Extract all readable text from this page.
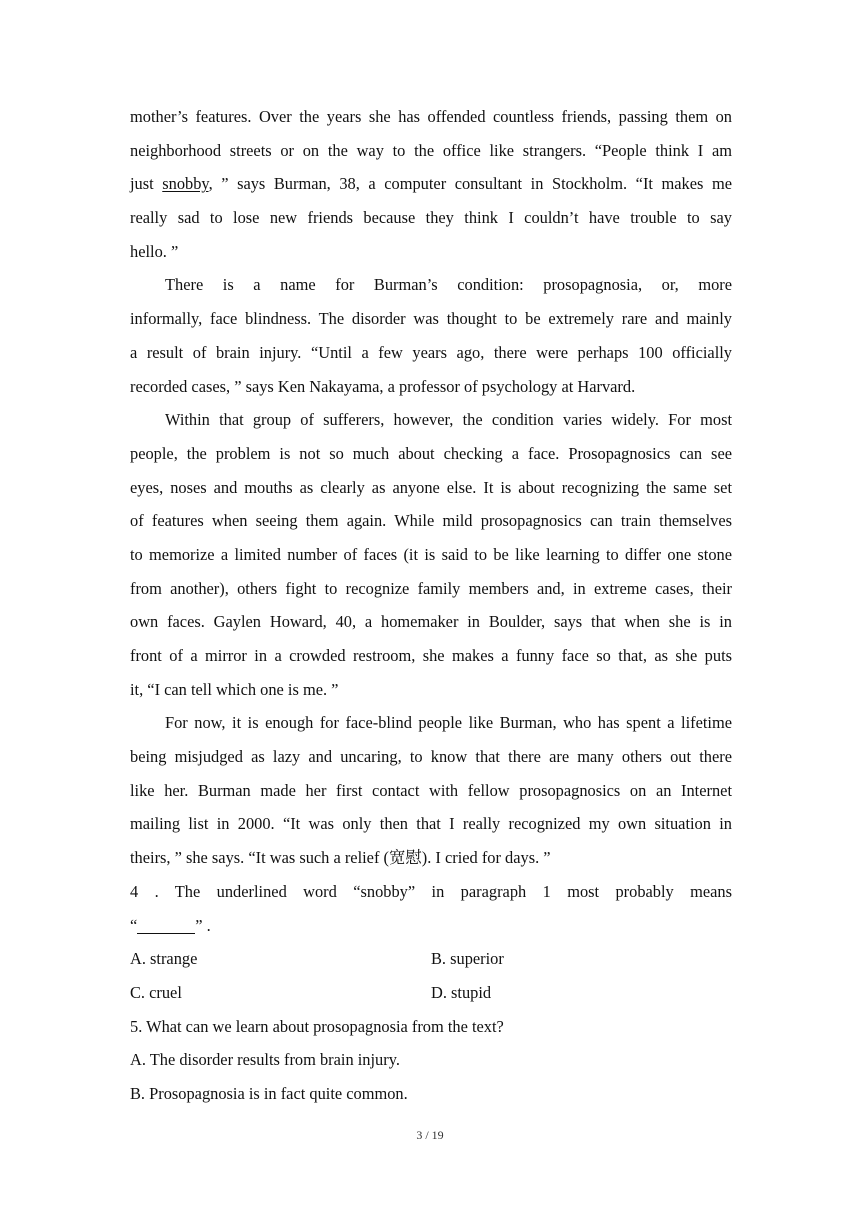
mother’s features. Over the years she has offended countless friends, passing them on
neighborhood streets or on the way to the office like strangers. “People think I am
just snobby, ” says Burman, 38, a computer consultant in Stockholm. “It makes me
really sad to lose new friends because they think I couldn’t have trouble to say
hello. ”
There is a name for Burman’s condition: prosopagnosia, or, more
informally, face blindness. The disorder was thought to be extremely rare and mainly
a result of brain injury. “Until a few years ago, there were perhaps 100 officially
recorded cases, ” says Ken Nakayama, a professor of psychology at Harvard.
Within that group of sufferers, however, the condition varies widely. For most
people, the problem is not so much about checking a face. Prosopagnosics can see
eyes, noses and mouths as clearly as anyone else. It is about recognizing the same set
of features when seeing them again. While mild prosopagnosics can train themselves
to memorize a limited number of faces (it is said to be like learning to differ one stone
from another), others fight to recognize family members and, in extreme cases, their
own faces. Gaylen Howard, 40, a homemaker in Boulder, says that when she is in
front of a mirror in a crowded restroom, she makes a funny face so that, as she puts
it, “I can tell which one is me. ”
For now, it is enough for face-blind people like Burman, who has spent a lifetime
being misjudged as lazy and uncaring, to know that there are many others out there
like her. Burman made her first contact with fellow prosopagnosics on an Internet
mailing list in 2000. “It was only then that I really recognized my own situation in
theirs, ” she says. “It was such a relief (宽慰). I cried for days. ”
4 . The underlined word “snobby” in paragraph 1 most probably means
“	” .
A. strange	B. superior
C. cruel	D. stupid
5. What can we learn about prosopagnosia from the text?
A. The disorder results from brain injury.
B. Prosopagnosia is in fact quite common.
3 / 19
